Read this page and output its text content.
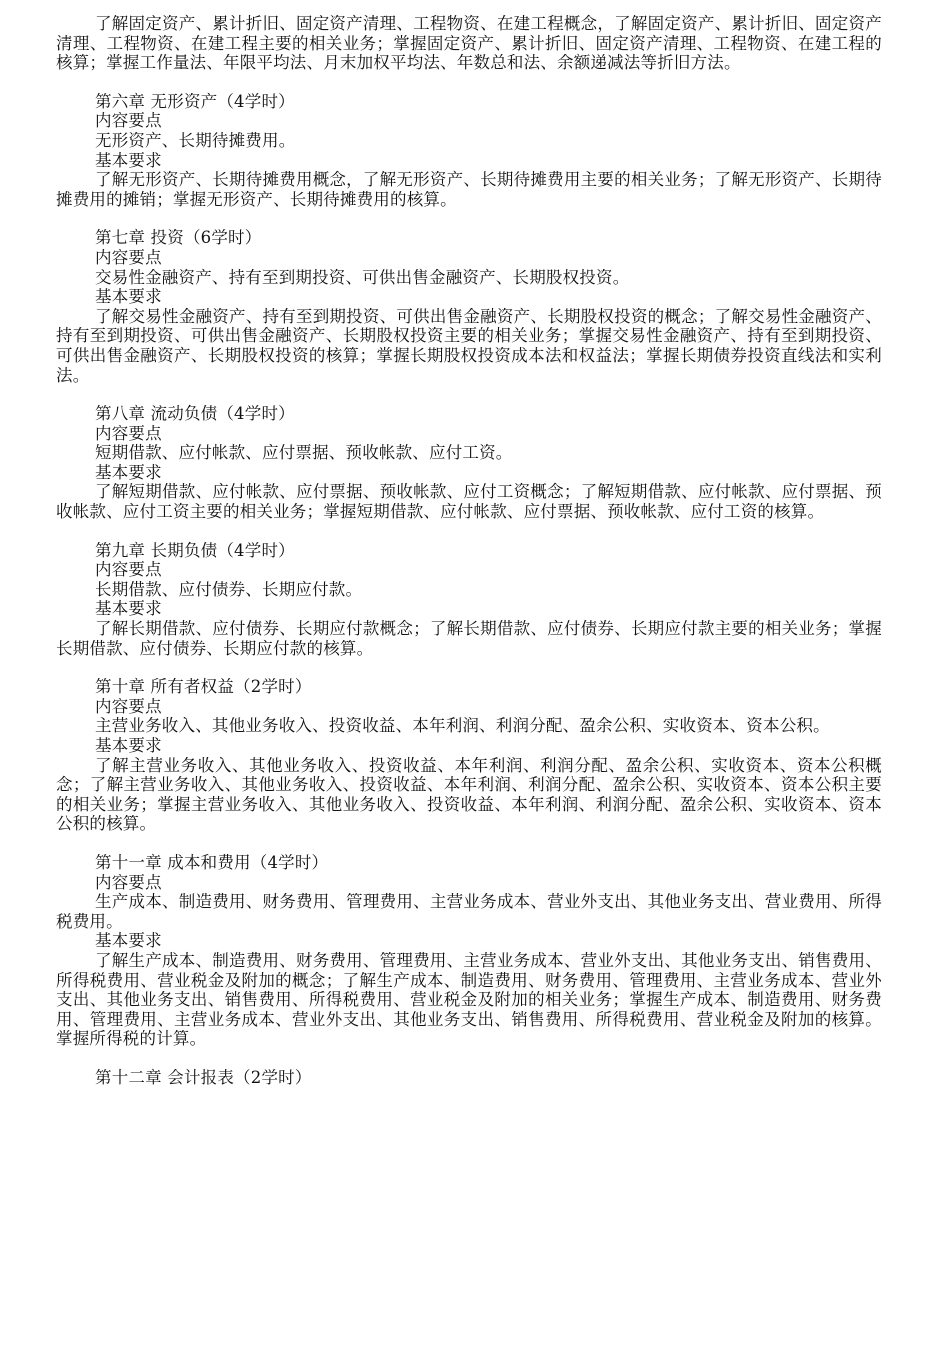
了解固定资产、累计折旧、固定资产清理、工程物资、在建工程概念，了解固定资产、累计折旧、固定资产清理、工程物资、在建工程主要的相关业务；掌握固定资产、累计折旧、固定资产清理、工程物资、在建工程的核算；掌握工作量法、年限平均法、月末加权平均法、年数总和法、余额递减法等折旧方法。

第六章 无形资产（4学时）

内容要点

无形资产、长期待摊费用。

基本要求

了解无形资产、长期待摊费用概念，了解无形资产、长期待摊费用主要的相关业务；了解无形资产、长期待摊费用的摊销；掌握无形资产、长期待摊费用的核算。

第七章 投资（6学时）

内容要点

交易性金融资产、持有至到期投资、可供出售金融资产、长期股权投资。

基本要求

了解交易性金融资产、持有至到期投资、可供出售金融资产、长期股权投资的概念；了解交易性金融资产、持有至到期投资、可供出售金融资产、长期股权投资主要的相关业务；掌握交易性金融资产、持有至到期投资、可供出售金融资产、长期股权投资的核算；掌握长期股权投资成本法和权益法；掌握长期债券投资直线法和实利法。

第八章 流动负债（4学时）

内容要点

短期借款、应付帐款、应付票据、预收帐款、应付工资。

基本要求

了解短期借款、应付帐款、应付票据、预收帐款、应付工资概念；了解短期借款、应付帐款、应付票据、预收帐款、应付工资主要的相关业务；掌握短期借款、应付帐款、应付票据、预收帐款、应付工资的核算。

第九章 长期负债（4学时）

内容要点

长期借款、应付债券、长期应付款。

基本要求

了解长期借款、应付债券、长期应付款概念；了解长期借款、应付债券、长期应付款主要的相关业务；掌握长期借款、应付债券、长期应付款的核算。

第十章 所有者权益（2学时）

内容要点

主营业务收入、其他业务收入、投资收益、本年利润、利润分配、盈余公积、实收资本、资本公积。

基本要求

了解主营业务收入、其他业务收入、投资收益、本年利润、利润分配、盈余公积、实收资本、资本公积概念；了解主营业务收入、其他业务收入、投资收益、本年利润、利润分配、盈余公积、实收资本、资本公积主要的相关业务；掌握主营业务收入、其他业务收入、投资收益、本年利润、利润分配、盈余公积、实收资本、资本公积的核算。

第十一章 成本和费用（4学时）

内容要点

生产成本、制造费用、财务费用、管理费用、主营业务成本、营业外支出、其他业务支出、营业费用、所得税费用。

基本要求

了解生产成本、制造费用、财务费用、管理费用、主营业务成本、营业外支出、其他业务支出、销售费用、所得税费用、营业税金及附加的概念；了解生产成本、制造费用、财务费用、管理费用、主营业务成本、营业外支出、其他业务支出、销售费用、所得税费用、营业税金及附加的相关业务；掌握生产成本、制造费用、财务费用、管理费用、主营业务成本、营业外支出、其他业务支出、销售费用、所得税费用、营业税金及附加的核算。掌握所得税的计算。

第十二章 会计报表（2学时）
